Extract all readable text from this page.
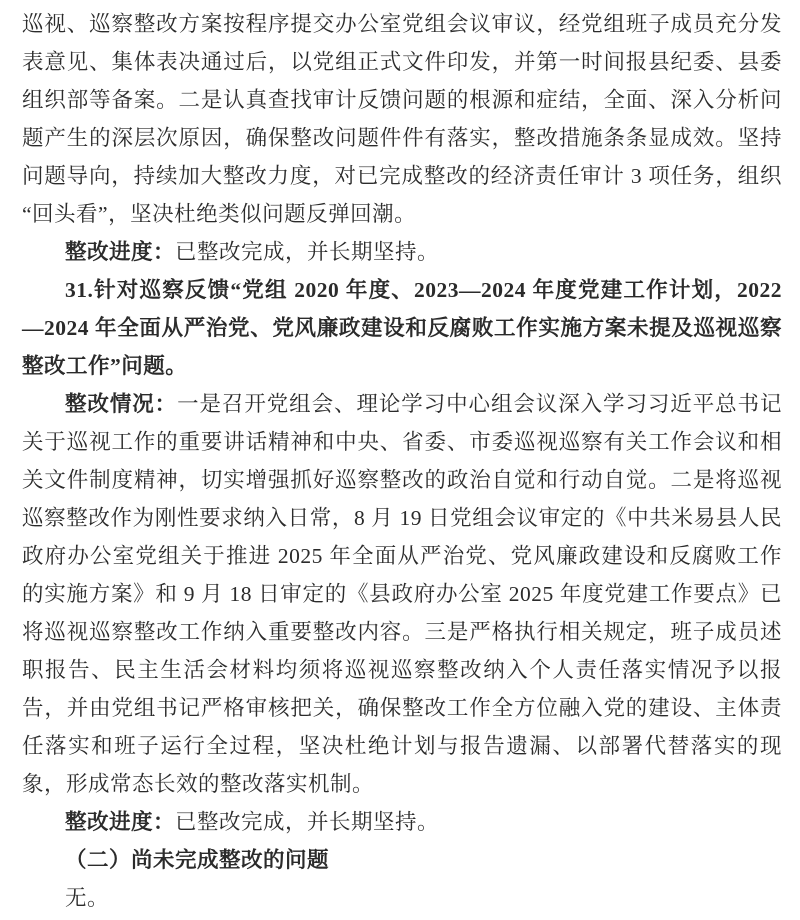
巡视、巡察整改方案按程序提交办公室党组会议审议，经党组班子成员充分发表意见、集体表决通过后，以党组正式文件印发，并第一时间报县纪委、县委组织部等备案。二是认真查找审计反馈问题的根源和症结，全面、深入分析问题产生的深层次原因，确保整改问题件件有落实，整改措施条条显成效。坚持问题导向，持续加大整改力度，对已完成整改的经济责任审计 3 项任务，组织“回头看”，坚决杜绝类似问题反弹回潮。

整改进度：已整改完成，并长期坚持。

31.针对巡察反馈“党组 2020 年度、2023—2024 年度党建工作计划，2022—2024 年全面从严治党、党风廉政建设和反腐败工作实施方案未提及巡视巡察整改工作”问题。

整改情况：一是召开党组会、理论学习中心组会议深入学习习近平总书记关于巡视工作的重要讲话精神和中央、省委、市委巡视巡察有关工作会议和相关文件制度精神，切实增强抓好巡察整改的政治自觉和行动自觉。二是将巡视巡察整改作为刚性要求纳入日常，8 月 19 日党组会议审定的《中共米易县人民政府办公室党组关于推进 2025 年全面从严治党、党风廉政建设和反腐败工作的实施方案》和 9 月 18 日审定的《县政府办公室 2025 年度党建工作要点》已将巡视巡察整改工作纳入重要整改内容。三是严格执行相关规定，班子成员述职报告、民主生活会材料均须将巡视巡察整改纳入个人责任落实情况予以报告，并由党组书记严格审核把关，确保整改工作全方位融入党的建设、主体责任落实和班子运行全过程，坚决杜绝计划与报告遗漏、以部署代替落实的现象，形成常态长效的整改落实机制。

整改进度：已整改完成，并长期坚持。

（二）尚未完成整改的问题

无。
